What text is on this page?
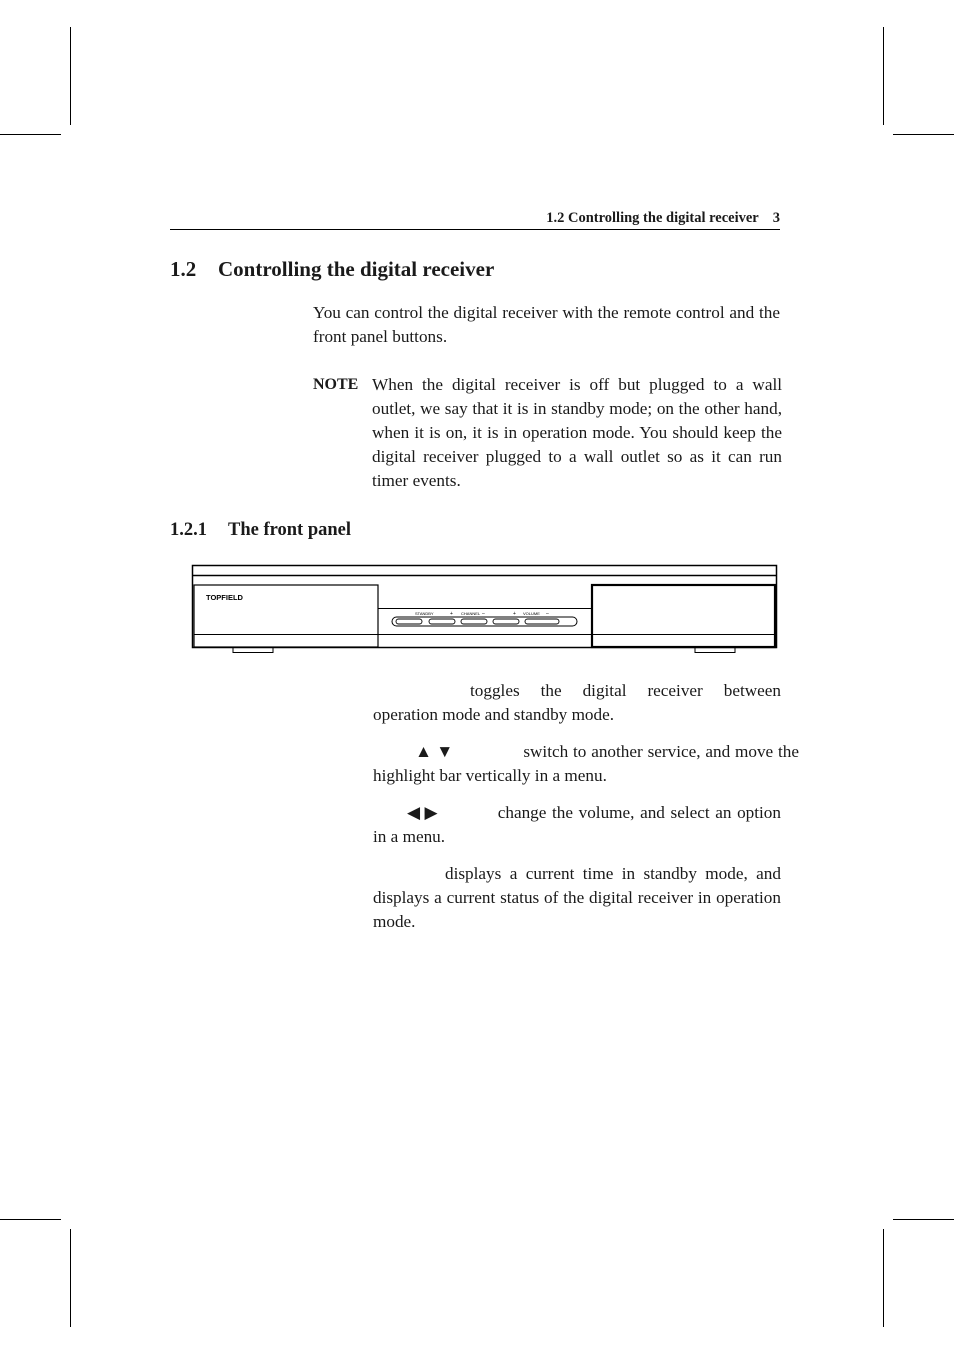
1.2 Controlling the digital receiver 3
1.2 Controlling the digital receiver
You can control the digital receiver with the remote control and the front panel buttons.
NOTE When the digital receiver is off but plugged to a wall outlet, we say that it is in standby mode; on the other hand, when it is on, it is in operation mode. You should keep the digital receiver plugged to a wall outlet so as it can run timer events.
1.2.1 The front panel
TOPFIELD
STANDBY	CHANNEL	VOLUME
+	–	+	–
toggles the digital receiver between operation mode and standby mode.
▲ ▼	switch to another service, and move the highlight bar vertically in a menu.
◀ ▶	change the volume, and select an option in a menu.
displays a current time in standby mode, and displays a current status of the digital receiver in operation mode.
